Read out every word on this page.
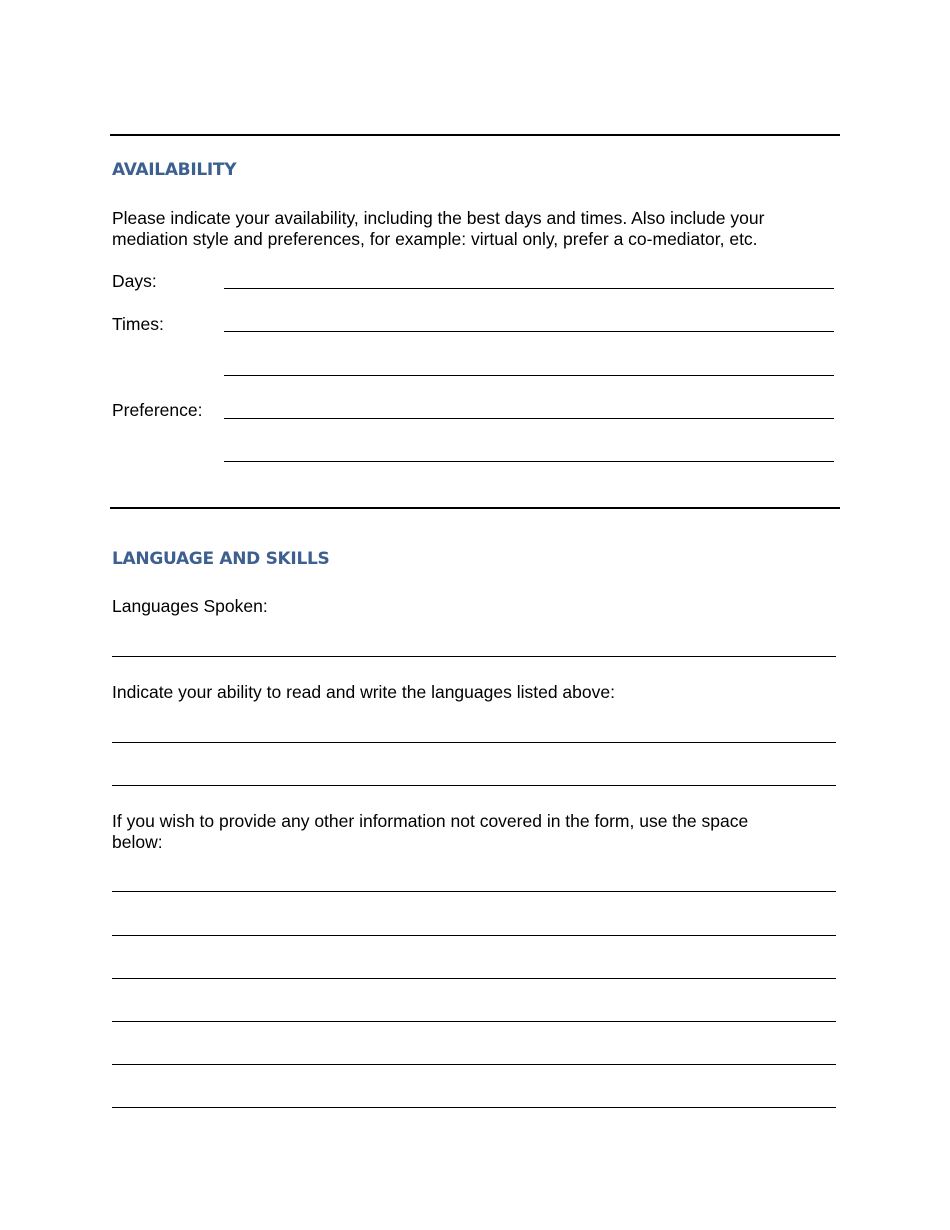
AVAILABILITY
Please indicate your availability, including the best days and times. Also include your mediation style and preferences, for example: virtual only, prefer a co-mediator, etc.
Days:
Times:
Preference:
LANGUAGE AND SKILLS
Languages Spoken:
Indicate your ability to read and write the languages listed above:
If you wish to provide any other information not covered in the form, use the space below:
